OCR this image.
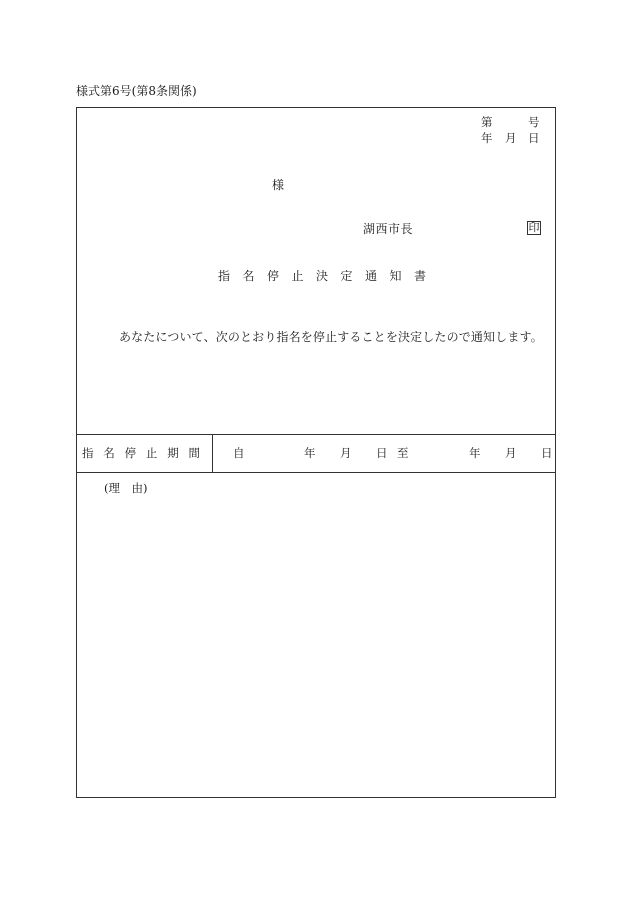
様式第6号(第8条関係)
第	号
年 月 日
様
湖西市長	印
指名停止決定通知書
あなたについて、次のとおり指名を停止することを決定したので通知します。
指名停止期間 自	年 月 日 至	年 月 日
(理　由)
